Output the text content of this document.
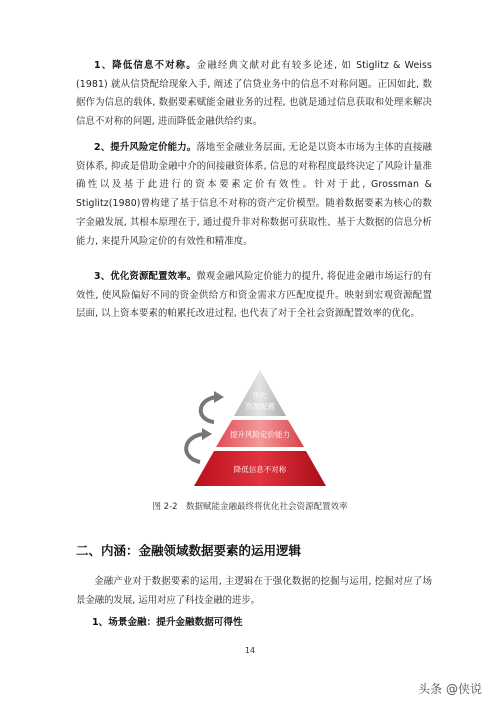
1、降低信息不对称。金融经典文献对此有较多论述, 如 Stiglitz & Weiss (1981) 就从信贷配给现象入手, 阐述了信贷业务中的信息不对称问题。正因如此, 数据作为信息的载体, 数据要素赋能金融业务的过程, 也就是通过信息获取和处理来解决信息不对称的问题, 进而降低金融供给约束。
2、提升风险定价能力。落地至金融业务层面, 无论是以资本市场为主体的直接融资体系, 抑或是借助金融中介的间接融资体系, 信息的对称程度最终决定了风险计量准确性以及基于此进行的资本要素定价有效性。针对于此, Grossman & Stiglitz(1980)曾构建了基于信息不对称的资产定价模型。随着数据要素为核心的数字金融发展, 其根本原理在于, 通过提升非对称数据可获取性、基于大数据的信息分析能力, 来提升风险定价的有效性和精准度。
3、优化资源配置效率。微观金融风险定价能力的提升, 将促进金融市场运行的有效性, 使风险偏好不同的资金供给方和资金需求方匹配度提升。映射到宏观资源配置层面, 以上资本要素的帕累托改进过程, 也代表了对于全社会资源配置效率的优化。
优化
资源配置
提升风险定价能力
降低信息不对称
图 2-2　数据赋能金融最终将优化社会资源配置效率
二、内涵：金融领域数据要素的运用逻辑
金融产业对于数据要素的运用, 主逻辑在于强化数据的挖掘与运用, 挖掘对应了场景金融的发展, 运用对应了科技金融的进步。
1、场景金融：提升金融数据可得性
14
头条 @侠说
